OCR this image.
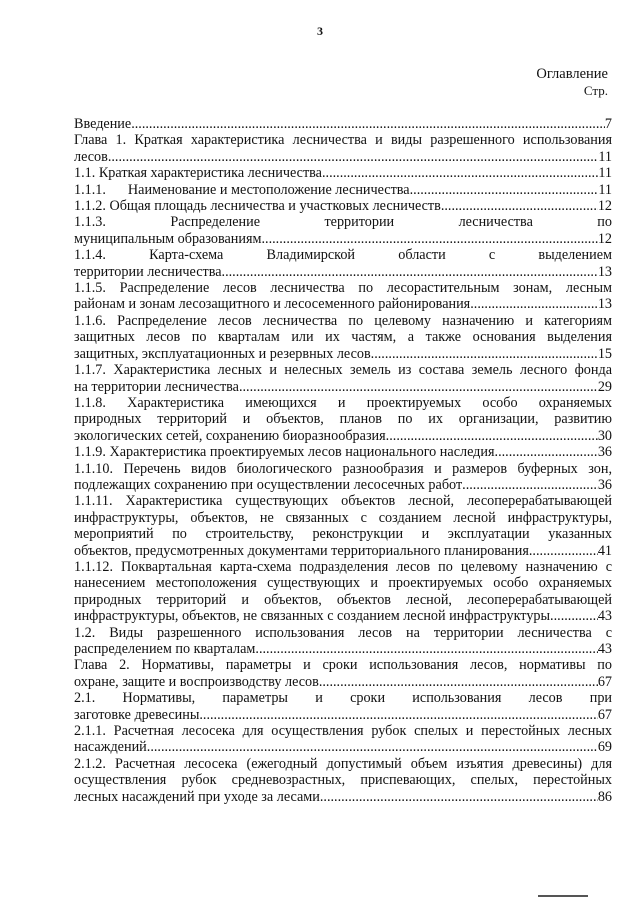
3
Оглавление
Стр.
Введение .....	7
Глава 1. Краткая характеристика лесничества и виды разрешенного использования
лесов .....	11
1.1. Краткая характеристика лесничества .....	11
1.1.1. Наименование и местоположение лесничества .....	11
1.1.2. Общая площадь лесничества и участковых лесничеств .....	12
1.1.3. Распределение территории лесничества по
муниципальным образованиям .....	12
1.1.4. Карта-схема Владимирской области с выделением
территории лесничества .....	13
1.1.5. Распределение лесов лесничества по лесорастительным зонам, лесным
районам и зонам лесозащитного и лесосеменного районирования .....	13
1.1.6. Распределение лесов лесничества по целевому назначению и категориям
защитных лесов по кварталам или их частям, а также основания выделения
защитных, эксплуатационных и резервных лесов .....	15
1.1.7. Характеристика лесных и нелесных земель из состава земель лесного фонда
на территории лесничества .....	29
1.1.8. Характеристика имеющихся и проектируемых особо охраняемых
природных территорий и объектов, планов по их организации, развитию
экологических сетей, сохранению биоразнообразия .....	30
1.1.9. Характеристика проектируемых лесов национального наследия .....	36
1.1.10. Перечень видов биологического разнообразия и размеров буферных зон,
подлежащих сохранению при осуществлении лесосечных работ .....	36
1.1.11. Характеристика существующих объектов лесной, лесоперерабатывающей
инфраструктуры, объектов, не связанных с созданием лесной инфраструктуры,
мероприятий по строительству, реконструкции и эксплуатации указанных
объектов, предусмотренных документами территориального планирования .....	41
1.1.12. Поквартальная карта-схема подразделения лесов по целевому назначению с
нанесением местоположения существующих и проектируемых особо охраняемых
природных территорий и объектов, объектов лесной, лесоперерабатывающей
инфраструктуры, объектов, не связанных с созданием лесной инфраструктуры .....	43
1.2. Виды разрешенного использования лесов на территории лесничества с
распределением по кварталам .....	43
Глава 2. Нормативы, параметры и сроки использования лесов, нормативы по
охране, защите и воспроизводству лесов .....	67
2.1. Нормативы, параметры и сроки использования лесов при
заготовке древесины .....	67
2.1.1. Расчетная лесосека для осуществления рубок спелых и перестойных лесных
насаждений .....	69
2.1.2. Расчетная лесосека (ежегодный допустимый объем изъятия древесины) для
осуществления рубок средневозрастных, приспевающих, спелых, перестойных
лесных насаждений при уходе за лесами .....	86
